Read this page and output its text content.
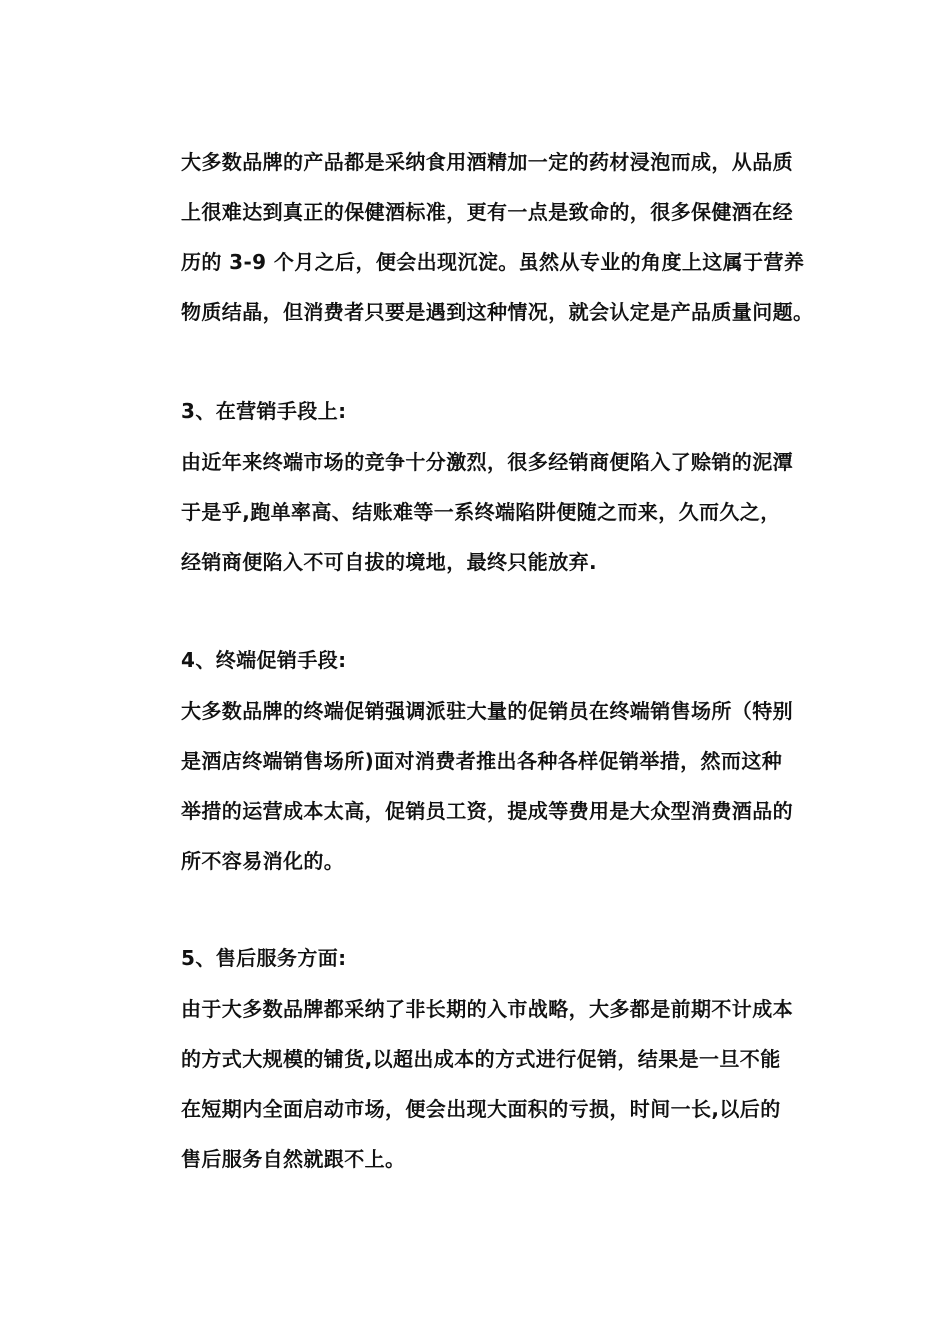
大多数品牌的产品都是采纳食用酒精加一定的药材浸泡而成，从品质
上很难达到真正的保健酒标准，更有一点是致命的，很多保健酒在经
历的 3-9 个月之后，便会出现沉淀。虽然从专业的角度上这属于营养
物质结晶，但消费者只要是遇到这种情况，就会认定是产品质量问题。
3、在营销手段上:
由近年来终端市场的竞争十分激烈，很多经销商便陷入了赊销的泥潭
于是乎,跑单率高、结账难等一系终端陷阱便随之而来，久而久之，
经销商便陷入不可自拔的境地，最终只能放弃.
4、终端促销手段:
大多数品牌的终端促销强调派驻大量的促销员在终端销售场所（特别
是酒店终端销售场所)面对消费者推出各种各样促销举措，然而这种
举措的运营成本太高，促销员工资，提成等费用是大众型消费酒品的
所不容易消化的。
5、售后服务方面:
由于大多数品牌都采纳了非长期的入市战略，大多都是前期不计成本
的方式大规模的铺货,以超出成本的方式进行促销，结果是一旦不能
在短期内全面启动市场，便会出现大面积的亏损，时间一长,以后的
售后服务自然就跟不上。
